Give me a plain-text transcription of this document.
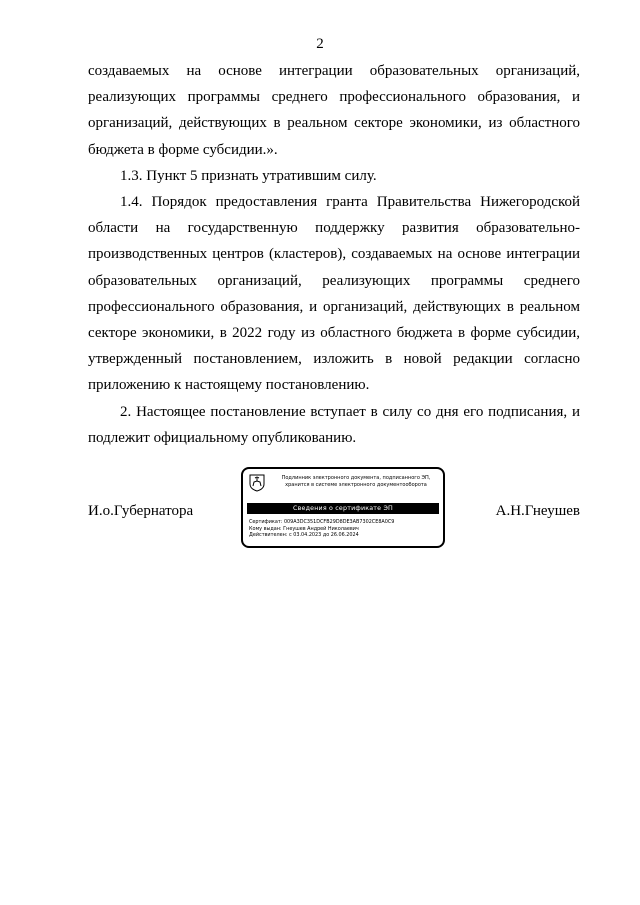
2

создаваемых на основе интеграции образовательных организаций, реализующих программы среднего профессионального образования, и организаций, действующих в реальном секторе экономики, из областного бюджета в форме субсидии.».

1.3. Пункт 5 признать утратившим силу.

1.4. Порядок предоставления гранта Правительства Нижегородской области на государственную поддержку развития образовательно-производственных центров (кластеров), создаваемых на основе интеграции образовательных организаций, реализующих программы среднего профессионального образования, и организаций, действующих в реальном секторе экономики, в 2022 году из областного бюджета в форме субсидии, утвержденный постановлением, изложить в новой редакции согласно приложению к настоящему постановлению.

2. Настоящее постановление вступает в силу со дня его подписания, и подлежит официальному опубликованию.

И.о.Губернатора
Подлинник электронного документа, подписанного ЭП,
хранится в системе электронного документооборота
Сведения о сертификате ЭП
Сертификат: 009A3DC351DCFB29D8DE3AB7302CE8A0C9
Кому выдан: Гнеушев Андрей Николаевич
Действителен: с 03.04.2023 до 26.06.2024
А.Н.Гнеушев
